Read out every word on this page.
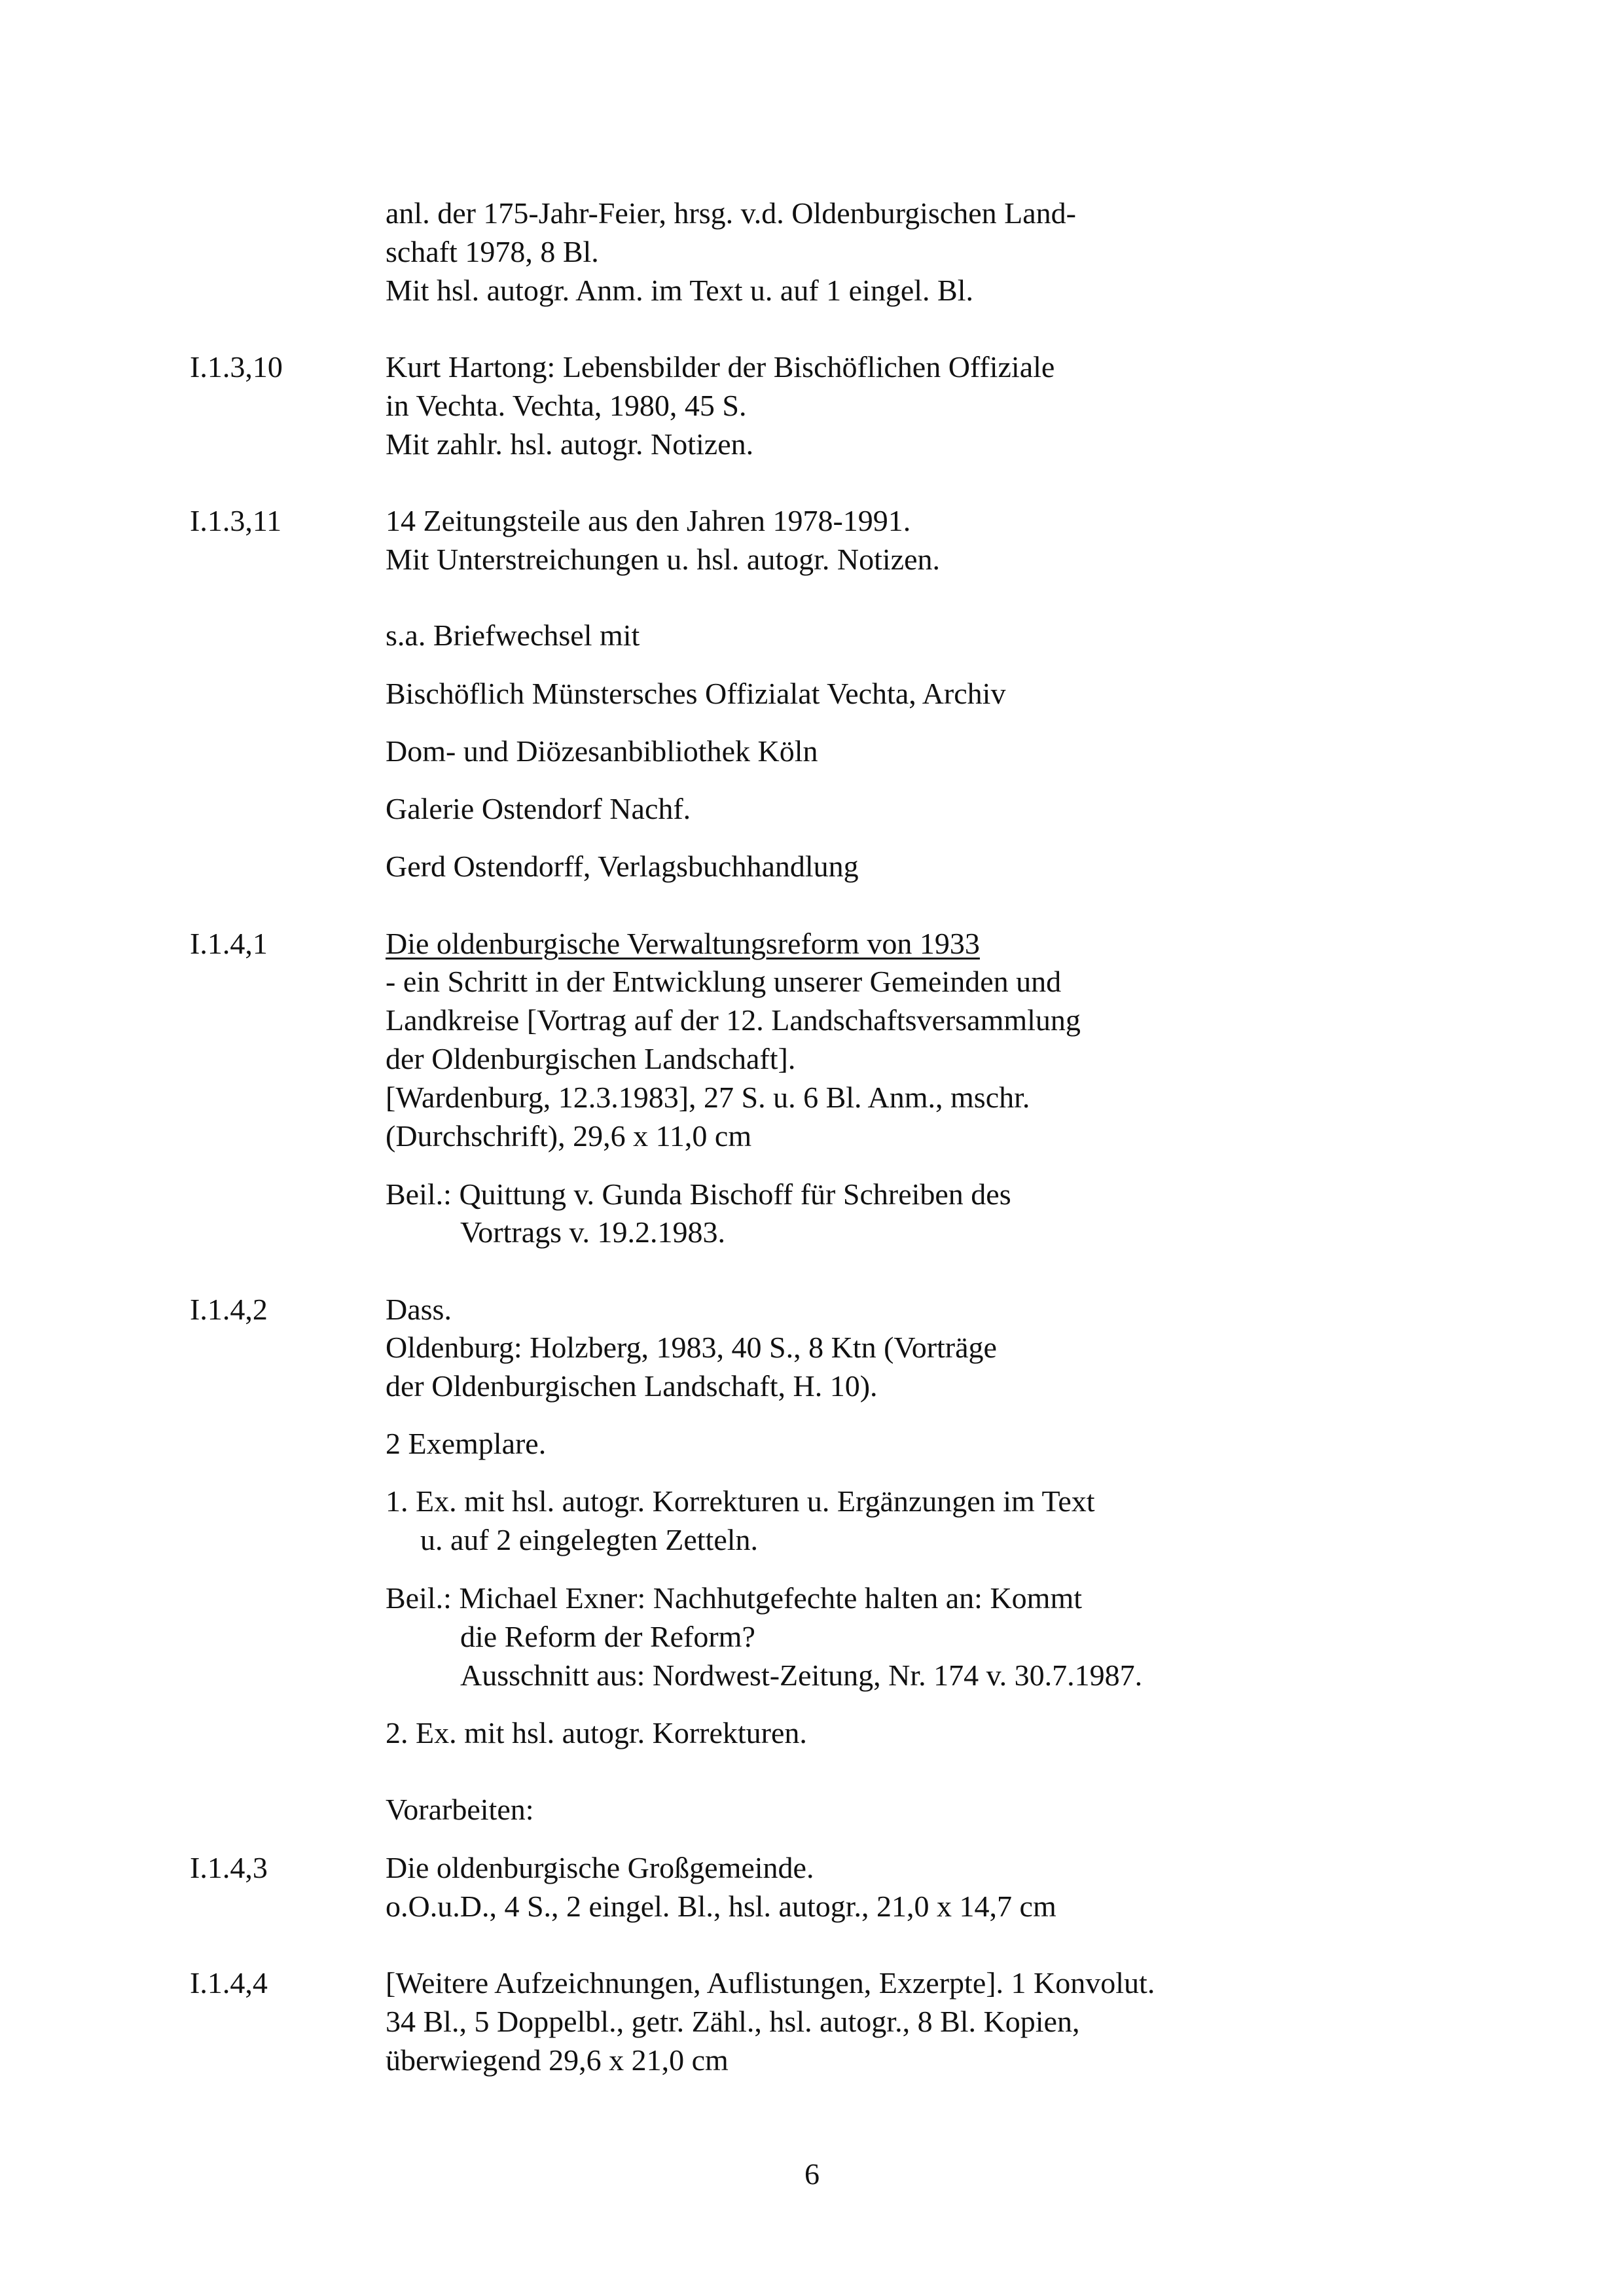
anl. der 175-Jahr-Feier, hrsg. v.d. Oldenburgischen Land-
schaft 1978, 8 Bl.
Mit hsl. autogr. Anm. im Text u. auf 1 eingel. Bl.
I.1.3,10	Kurt Hartong: Lebensbilder der Bischöflichen Offiziale
in Vechta. Vechta, 1980, 45 S.
Mit zahlr. hsl. autogr. Notizen.
I.1.3,11	14 Zeitungsteile aus den Jahren 1978-1991.
Mit Unterstreichungen u. hsl. autogr. Notizen.
s.a. Briefwechsel mit
Bischöflich Münstersches Offizialat Vechta, Archiv
Dom- und Diözesanbibliothek Köln
Galerie Ostendorf Nachf.
Gerd Ostendorff, Verlagsbuchhandlung
I.1.4,1	Die oldenburgische Verwaltungsreform von 1933
- ein Schritt in der Entwicklung unserer Gemeinden und
Landkreise [Vortrag auf der 12. Landschaftsversammlung
der Oldenburgischen Landschaft].
[Wardenburg, 12.3.1983], 27 S. u. 6 Bl. Anm., mschr.
(Durchschrift), 29,6 x 11,0 cm
Beil.: Quittung v. Gunda Bischoff für Schreiben des
Vortrags v. 19.2.1983.
I.1.4,2	Dass.
Oldenburg: Holzberg, 1983, 40 S., 8 Ktn (Vorträge
der Oldenburgischen Landschaft, H. 10).
2 Exemplare.
1. Ex. mit hsl. autogr. Korrekturen u. Ergänzungen im Text
u. auf 2 eingelegten Zetteln.
Beil.: Michael Exner: Nachhutgefechte halten an: Kommt
die Reform der Reform?
Ausschnitt aus: Nordwest-Zeitung, Nr. 174 v. 30.7.1987.
2. Ex. mit hsl. autogr. Korrekturen.
Vorarbeiten:
I.1.4,3	Die oldenburgische Großgemeinde.
o.O.u.D., 4 S., 2 eingel. Bl., hsl. autogr., 21,0 x 14,7 cm
I.1.4,4	[Weitere Aufzeichnungen, Auflistungen, Exzerpte]. 1 Konvolut.
34 Bl., 5 Doppelbl., getr. Zähl., hsl. autogr., 8 Bl. Kopien,
überwiegend 29,6 x 21,0 cm
6
